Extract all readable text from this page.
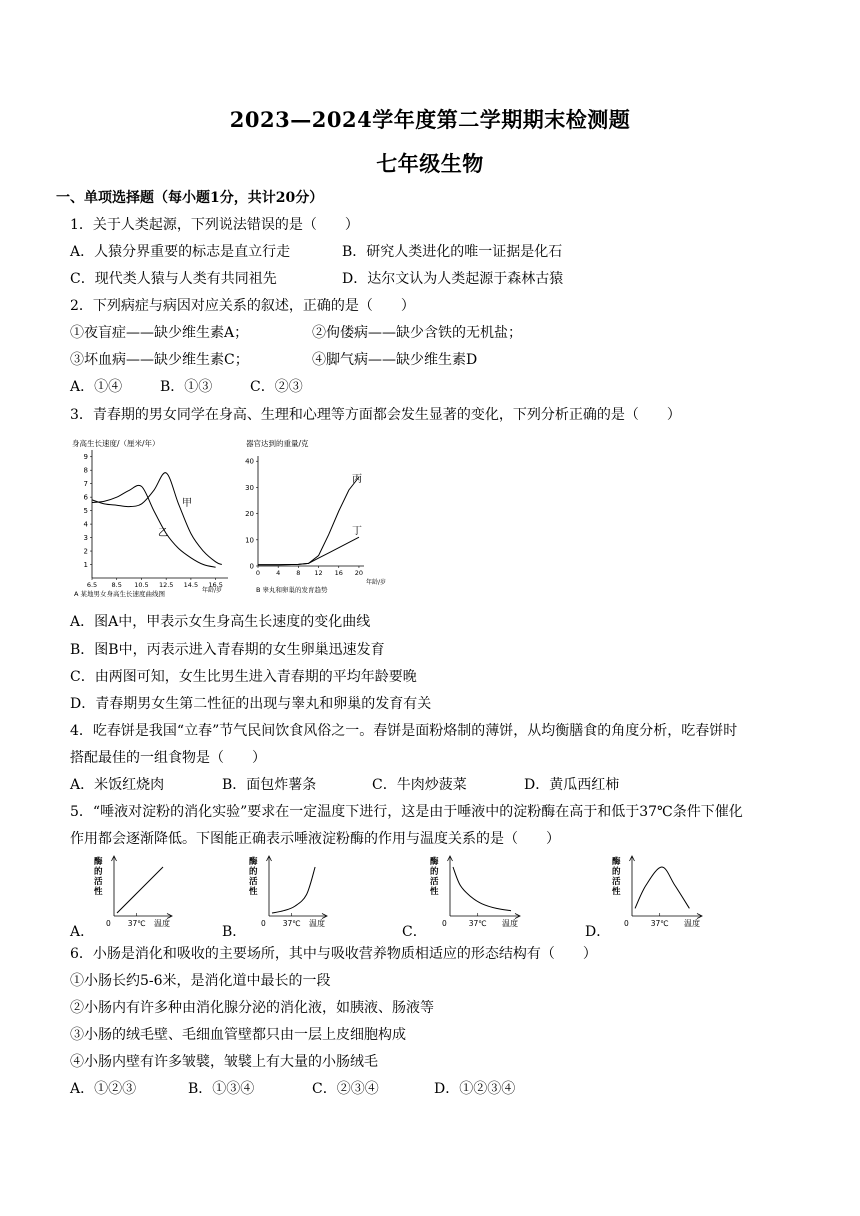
2023—2024学年度第二学期期末检测题
七年级生物
一、单项选择题（每小题1分，共计20分）
1．关于人类起源，下列说法错误的是（　　）
A．人猿分界重要的标志是直立行走	B．研究人类进化的唯一证据是化石
C．现代类人猿与人类有共同祖先	D．达尔文认为人类起源于森林古猿
2．下列病症与病因对应关系的叙述，正确的是（　　）
①夜盲症——缺少维生素A；	②佝偻病——缺少含铁的无机盐；
③坏血病——缺少维生素C；	④脚气病——缺少维生素D
A．①④	B．①③	C．②③
3．青春期的男女同学在身高、生理和心理等方面都会发生显著的变化，下列分析正确的是（　　）
身高生长速度/（厘米/年）
1
2
3
4
5
6
7
8
9
6.5 8.5 10.5 12.5 14.5 16.5
甲
乙
年龄/岁
A 某地男女身高生长速度曲线图
器官达到的重量/克
0
10
20
30
40
0 4 8 12 16 20
丙
丁
年龄/岁
B 睾丸和卵巢的发育趋势
A．图A中，甲表示女生身高生长速度的变化曲线
B．图B中，丙表示进入青春期的女生卵巢迅速发育
C．由两图可知，女生比男生进入青春期的平均年龄要晚
D．青春期男女生第二性征的出现与睾丸和卵巢的发育有关
4．吃春饼是我国“立春”节气民间饮食风俗之一。春饼是面粉烙制的薄饼，从均衡膳食的角度分析，吃春饼时
搭配最佳的一组食物是（　　）
A．米饭红烧肉	B．面包炸薯条	C．牛肉炒菠菜	D．黄瓜西红柿
5．“唾液对淀粉的消化实验”要求在一定温度下进行，这是由于唾液中的淀粉酶在高于和低于37℃条件下催化
作用都会逐渐降低。下图能正确表示唾液淀粉酶的作用与温度关系的是（　　）
A．	B．	C．	D．
酶
的
活
性
0 37℃ 温度
酶
的
活
性
0 37℃ 温度
酶
的
活
性
0	37℃ 温度
酶
的
活
性
0	37℃ 温度
6．小肠是消化和吸收的主要场所，其中与吸收营养物质相适应的形态结构有（　　）
①小肠长约5-6米，是消化道中最长的一段
②小肠内有许多种由消化腺分泌的消化液，如胰液、肠液等
③小肠的绒毛壁、毛细血管壁都只由一层上皮细胞构成
④小肠内壁有许多皱襞，皱襞上有大量的小肠绒毛
A．①②③	B．①③④	C．②③④	D．①②③④
